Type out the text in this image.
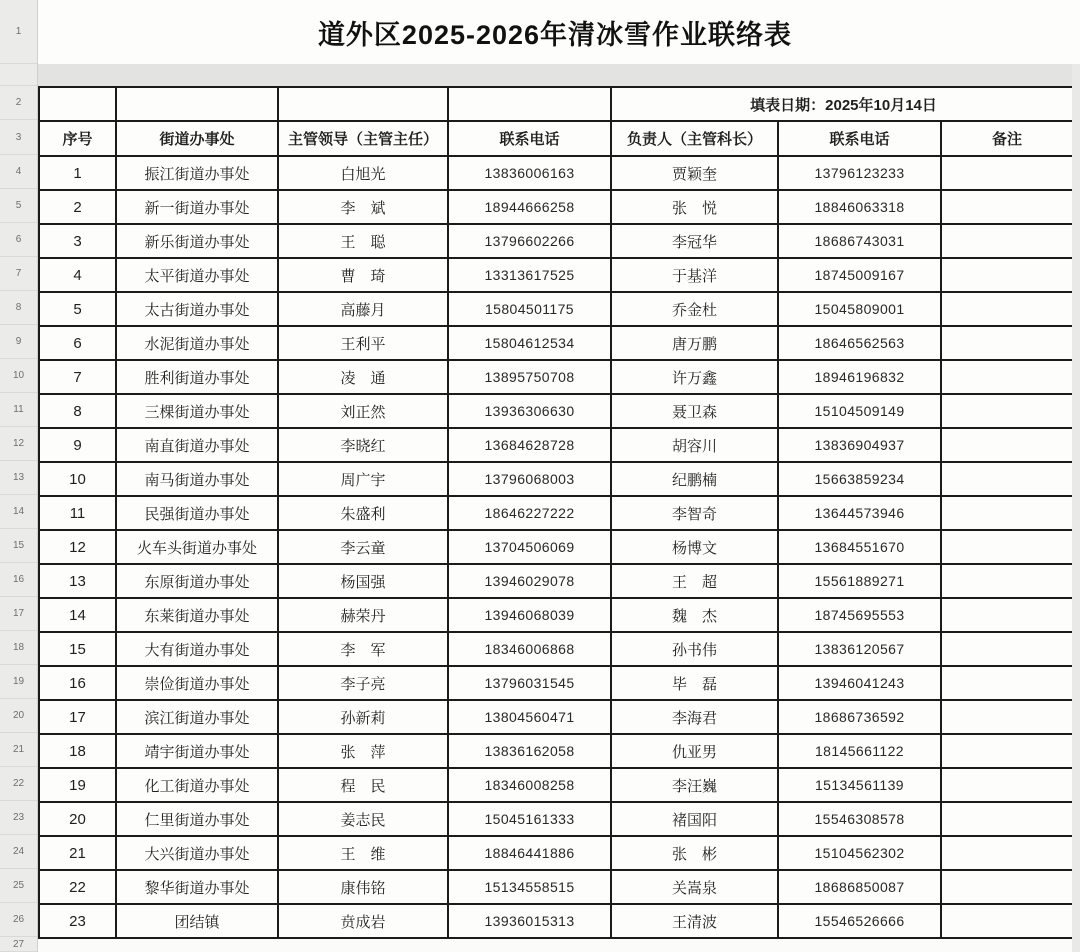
1
2
3
4
5
6
7
8
9
10
11
12
13
14
15
16
17
18
19
20
21
22
23
24
25
26
27
道外区2025-2026年清冰雪作业联络表
				填表日期：2025年10月14日		
序号	街道办事处	主管领导（主管主任）	联系电话	负责人（主管科长）	联系电话	备注
1	振江街道办事处	白旭光	13836006163	贾颖奎	13796123233	
2	新一街道办事处	李　斌	18944666258	张　悦	18846063318	
3	新乐街道办事处	王　聪	13796602266	李冠华	18686743031	
4	太平街道办事处	曹　琦	13313617525	于基洋	18745009167	
5	太古街道办事处	高藤月	15804501175	乔金杜	15045809001	
6	水泥街道办事处	王利平	15804612534	唐万鹏	18646562563	
7	胜利街道办事处	凌　通	13895750708	许万鑫	18946196832	
8	三棵街道办事处	刘正然	13936306630	聂卫森	15104509149	
9	南直街道办事处	李晓红	13684628728	胡容川	13836904937	
10	南马街道办事处	周广宇	13796068003	纪鹏楠	15663859234	
11	民强街道办事处	朱盛利	18646227222	李智奇	13644573946	
12	火车头街道办事处	李云童	13704506069	杨博文	13684551670	
13	东原街道办事处	杨国强	13946029078	王　超	15561889271	
14	东莱街道办事处	赫荣丹	13946068039	魏　杰	18745695553	
15	大有街道办事处	李　军	18346006868	孙书伟	13836120567	
16	崇俭街道办事处	李子亮	13796031545	毕　磊	13946041243	
17	滨江街道办事处	孙新莉	13804560471	李海君	18686736592	
18	靖宇街道办事处	张　萍	13836162058	仇亚男	18145661122	
19	化工街道办事处	程　民	18346008258	李汪巍	15134561139	
20	仁里街道办事处	姜志民	15045161333	褚国阳	15546308578	
21	大兴街道办事处	王　维	18846441886	张　彬	15104562302	
22	黎华街道办事处	康伟铭	15134558515	关嵩泉	18686850087	
23	团结镇	贲成岩	13936015313	王清波	15546526666	
